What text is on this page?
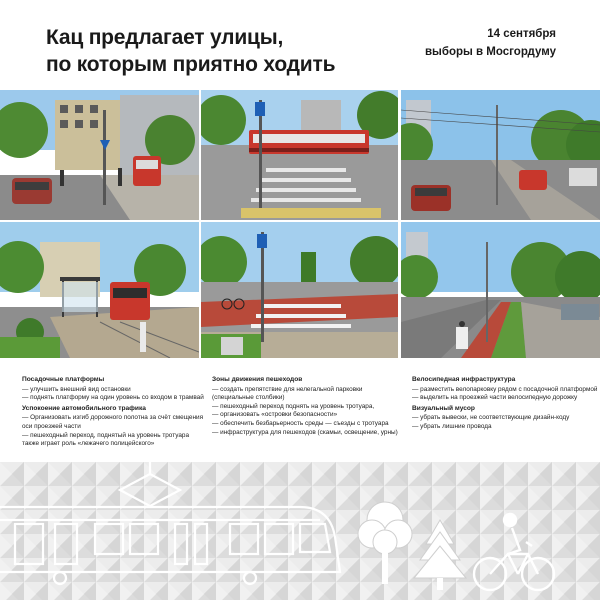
Кац предлагает улицы,
по которым приятно ходить
14 сентября
выборы в Мосгордуму
Посадочные платформы

— улучшить внешний вид остановки

— поднять платформу на один уровень со входом в трамвай

Успокоение автомобильного трафика

— Организовать изгиб дорожного полотна за счёт смещения

оси проезжей части

— пешеходный переход, поднятый на уровень тротуара

также играет роль «лежачего полицейского»

Зоны движения пешеходов

— создать препятствие для нелегальной парковки

(специальные столбики)

— пешеходный переход поднять на уровень тротуара,

— организовать «островки безопасности»

— обеспечить безбарьерность среды — съезды с тротуара

— инфраструктура для пешеходов (скамьи, освещение, урны)

Велосипедная инфраструктура

— разместить велопарковку рядом с посадочной платформой

— выделить на проезжей части велосипедную дорожку

Визуальный мусор

— убрать вывески, не соответствующие дизайн-коду

— убрать лишние провода
